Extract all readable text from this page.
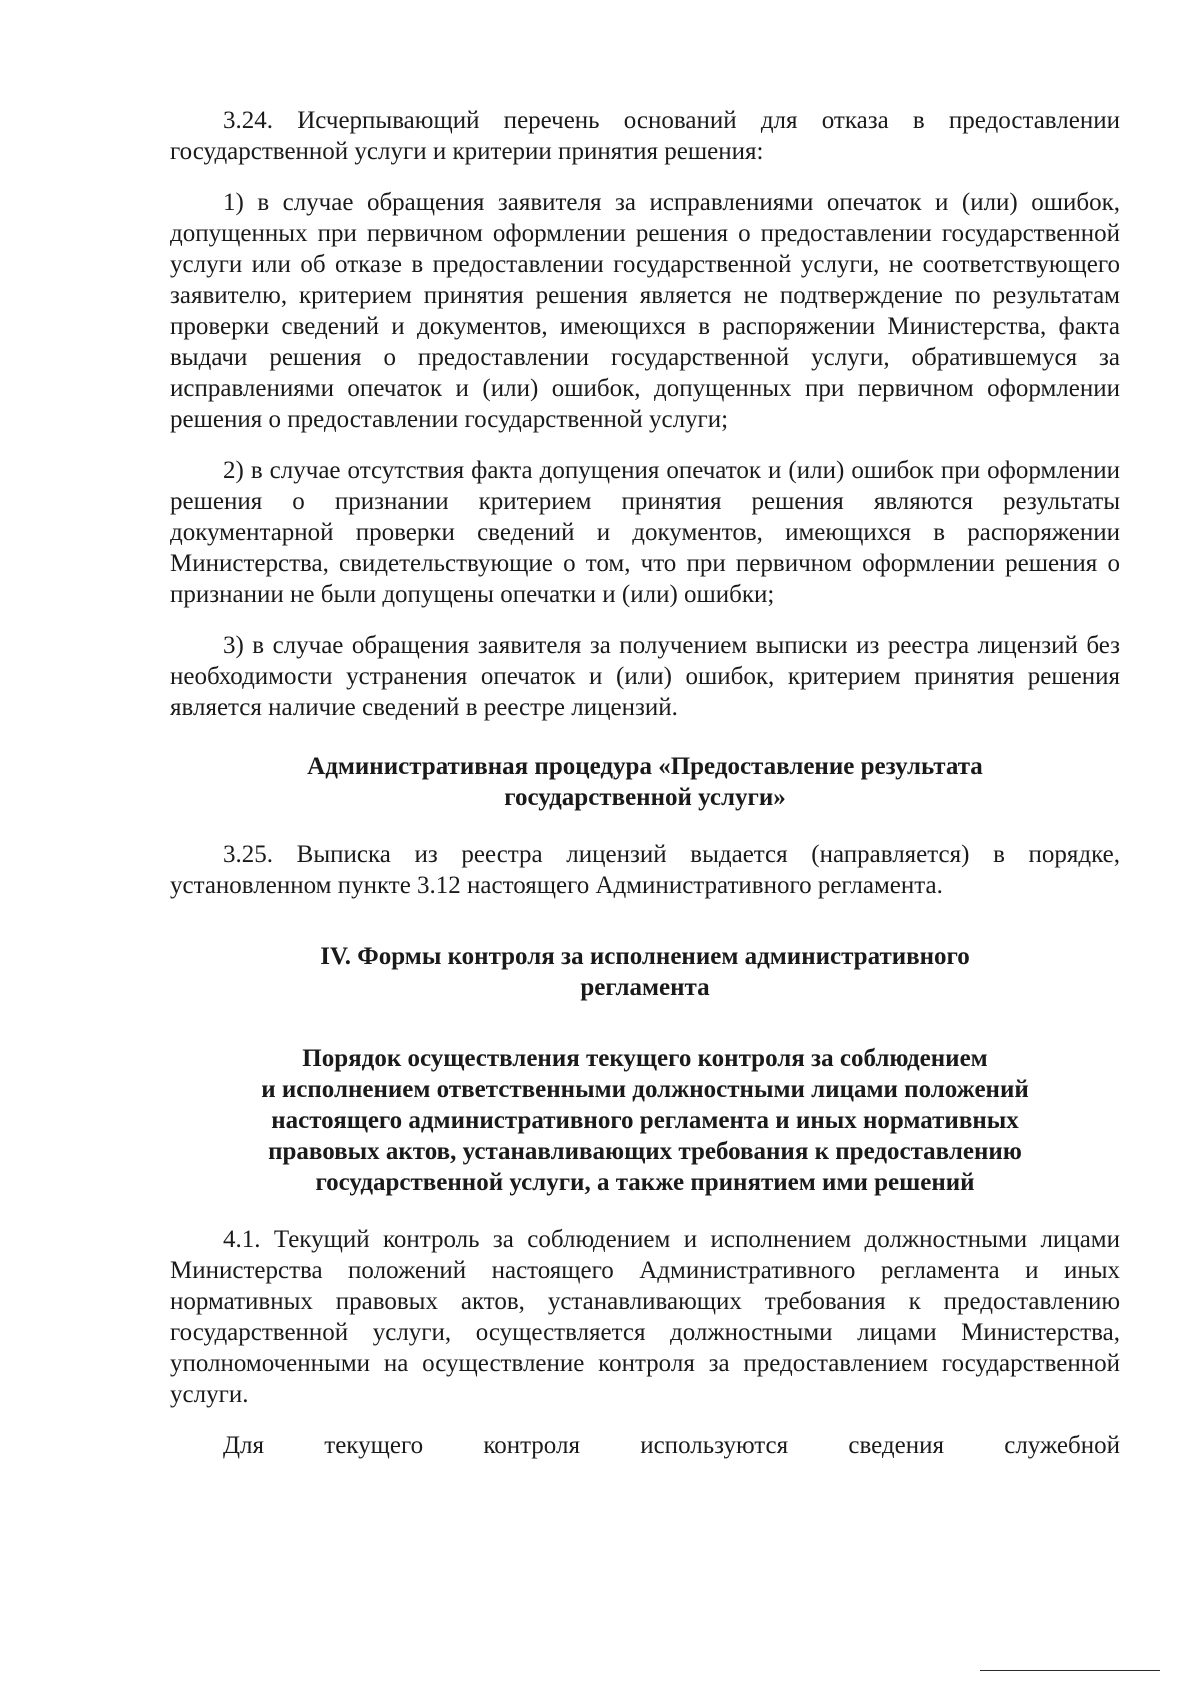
3.24. Исчерпывающий перечень оснований для отказа в предоставлении государственной услуги и критерии принятия решения:

1) в случае обращения заявителя за исправлениями опечаток и (или) ошибок, допущенных при первичном оформлении решения о предоставлении государственной услуги или об отказе в предоставлении государственной услуги, не соответствующего заявителю, критерием принятия решения является не подтверждение по результатам проверки сведений и документов, имеющихся в распоряжении Министерства, факта выдачи решения о предоставлении государственной услуги, обратившемуся за исправлениями опечаток и (или) ошибок, допущенных при первичном оформлении решения о предоставлении государственной услуги;

2) в случае отсутствия факта допущения опечаток и (или) ошибок при оформлении решения о признании критерием принятия решения являются результаты документарной проверки сведений и документов, имеющихся в распоряжении Министерства, свидетельствующие о том, что при первичном оформлении решения о признании не были допущены опечатки и (или) ошибки;

3) в случае обращения заявителя за получением выписки из реестра лицензий без необходимости устранения опечаток и (или) ошибок, критерием принятия решения является наличие сведений в реестре лицензий.

Административная процедура «Предоставление результата
государственной услуги»

3.25. Выписка из реестра лицензий выдается (направляется) в порядке, установленном пункте 3.12 настоящего Административного регламента.

IV. Формы контроля за исполнением административного
регламента
Порядок осуществления текущего контроля за соблюдением
и исполнением ответственными должностными лицами положений
настоящего административного регламента и иных нормативных
правовых актов, устанавливающих требования к предоставлению
государственной услуги, а также принятием ими решений

4.1. Текущий контроль за соблюдением и исполнением должностными лицами Министерства положений настоящего Административного регламента и иных нормативных правовых актов, устанавливающих требования к предоставлению государственной услуги, осуществляется должностными лицами Министерства, уполномоченными на осуществление контроля за предоставлением государственной услуги.

Для текущего контроля используются сведения служебной
